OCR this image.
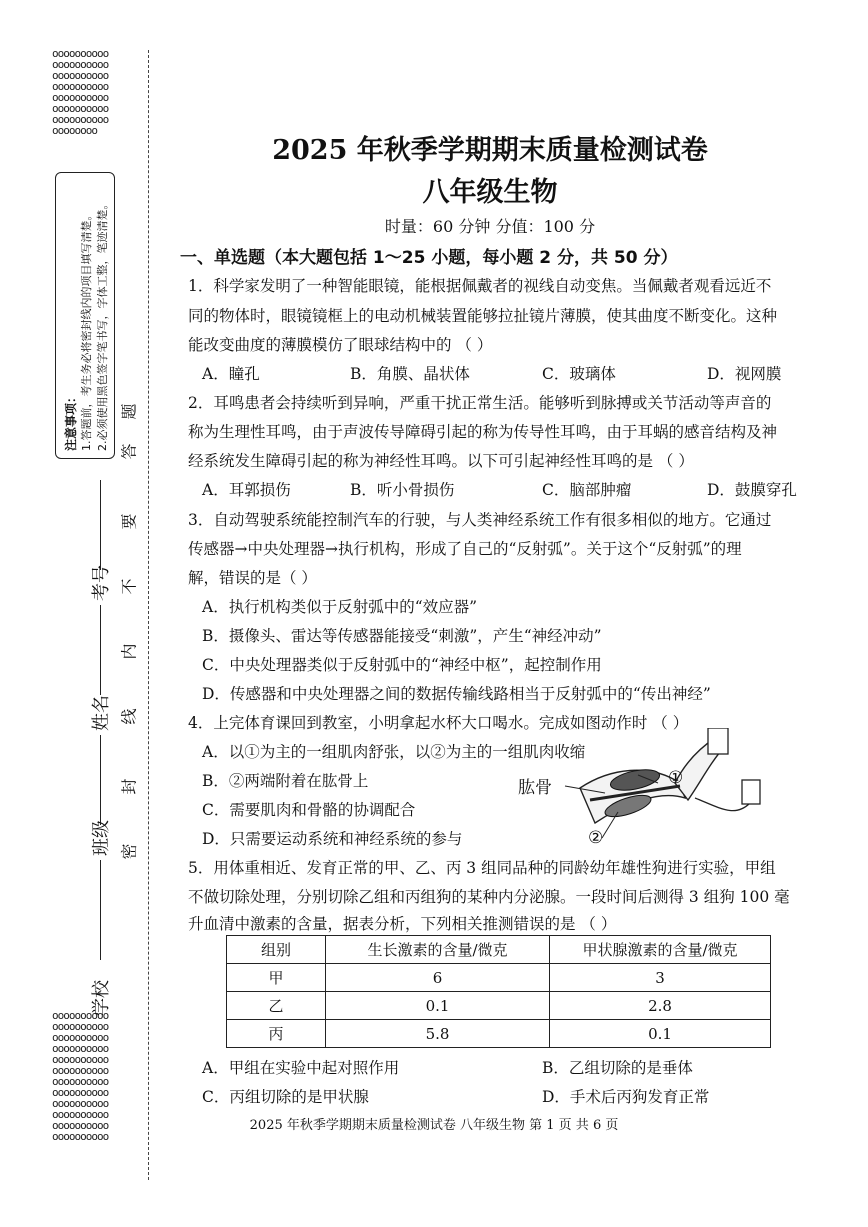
oooooooooooooooooooooooooooooooooooooooooooooooooooooooooooooooooooooooooooooo
注意事项： 1.答题前，考生务必将密封线内的项目填写清楚。 2.必须使用黑色签字笔书写，字体工整，笔迹清楚。
oooooooooooooooooooooooooooooooooooooooooooooooooooooooooooooooooooooooooooooooooooooooooooooooooooooooooooooooooooooooo
考号
姓名
班级
学校
题
答
要
不
内
线
封
密
2025 年秋季学期期末质量检测试卷
八年级生物
时量：60 分钟 分值：100 分
一、单选题（本大题包括 1～25 小题，每小题 2 分，共 50 分）
1．科学家发明了一种智能眼镜，能根据佩戴者的视线自动变焦。当佩戴者观看远近不
同的物体时，眼镜镜框上的电动机械装置能够拉扯镜片薄膜，使其曲度不断变化。这种
能改变曲度的薄膜模仿了眼球结构中的 （ ）
A．瞳孔	B．角膜、晶状体	C．玻璃体	D．视网膜
2．耳鸣患者会持续听到异响，严重干扰正常生活。能够听到脉搏或关节活动等声音的
称为生理性耳鸣，由于声波传导障碍引起的称为传导性耳鸣，由于耳蜗的感音结构及神
经系统发生障碍引起的称为神经性耳鸣。以下可引起神经性耳鸣的是 （ ）
A．耳郭损伤	B．听小骨损伤	C．脑部肿瘤	D．鼓膜穿孔
3．自动驾驶系统能控制汽车的行驶，与人类神经系统工作有很多相似的地方。它通过
传感器→中央处理器→执行机构，形成了自己的“反射弧”。关于这个“反射弧”的理
解，错误的是（ ）
A．执行机构类似于反射弧中的“效应器”
B．摄像头、雷达等传感器能接受“刺激”，产生“神经冲动”
C．中央处理器类似于反射弧中的“神经中枢”，起控制作用
D．传感器和中央处理器之间的数据传输线路相当于反射弧中的“传出神经”
4．上完体育课回到教室，小明拿起水杯大口喝水。完成如图动作时 （ ）
A．以①为主的一组肌肉舒张，以②为主的一组肌肉收缩
B．②两端附着在肱骨上
C．需要肌肉和骨骼的协调配合
D．只需要运动系统和神经系统的参与
5．用体重相近、发育正常的甲、乙、丙 3 组同品种的同龄幼年雄性狗进行实验，甲组
不做切除处理，分别切除乙组和丙组狗的某种内分泌腺。一段时间后测得 3 组狗 100 毫
升血清中激素的含量，据表分析，下列相关推测错误的是 （ ）
组别	生长激素的含量/微克	甲状腺激素的含量/微克
甲	6	3
乙	0.1	2.8
丙	5.8	0.1
A．甲组在实验中起对照作用	B．乙组切除的是垂体
C．丙组切除的是甲状腺	D．手术后丙狗发育正常
肱骨	①
②
2025 年秋季学期期末质量检测试卷 八年级生物 第 1 页 共 6 页
